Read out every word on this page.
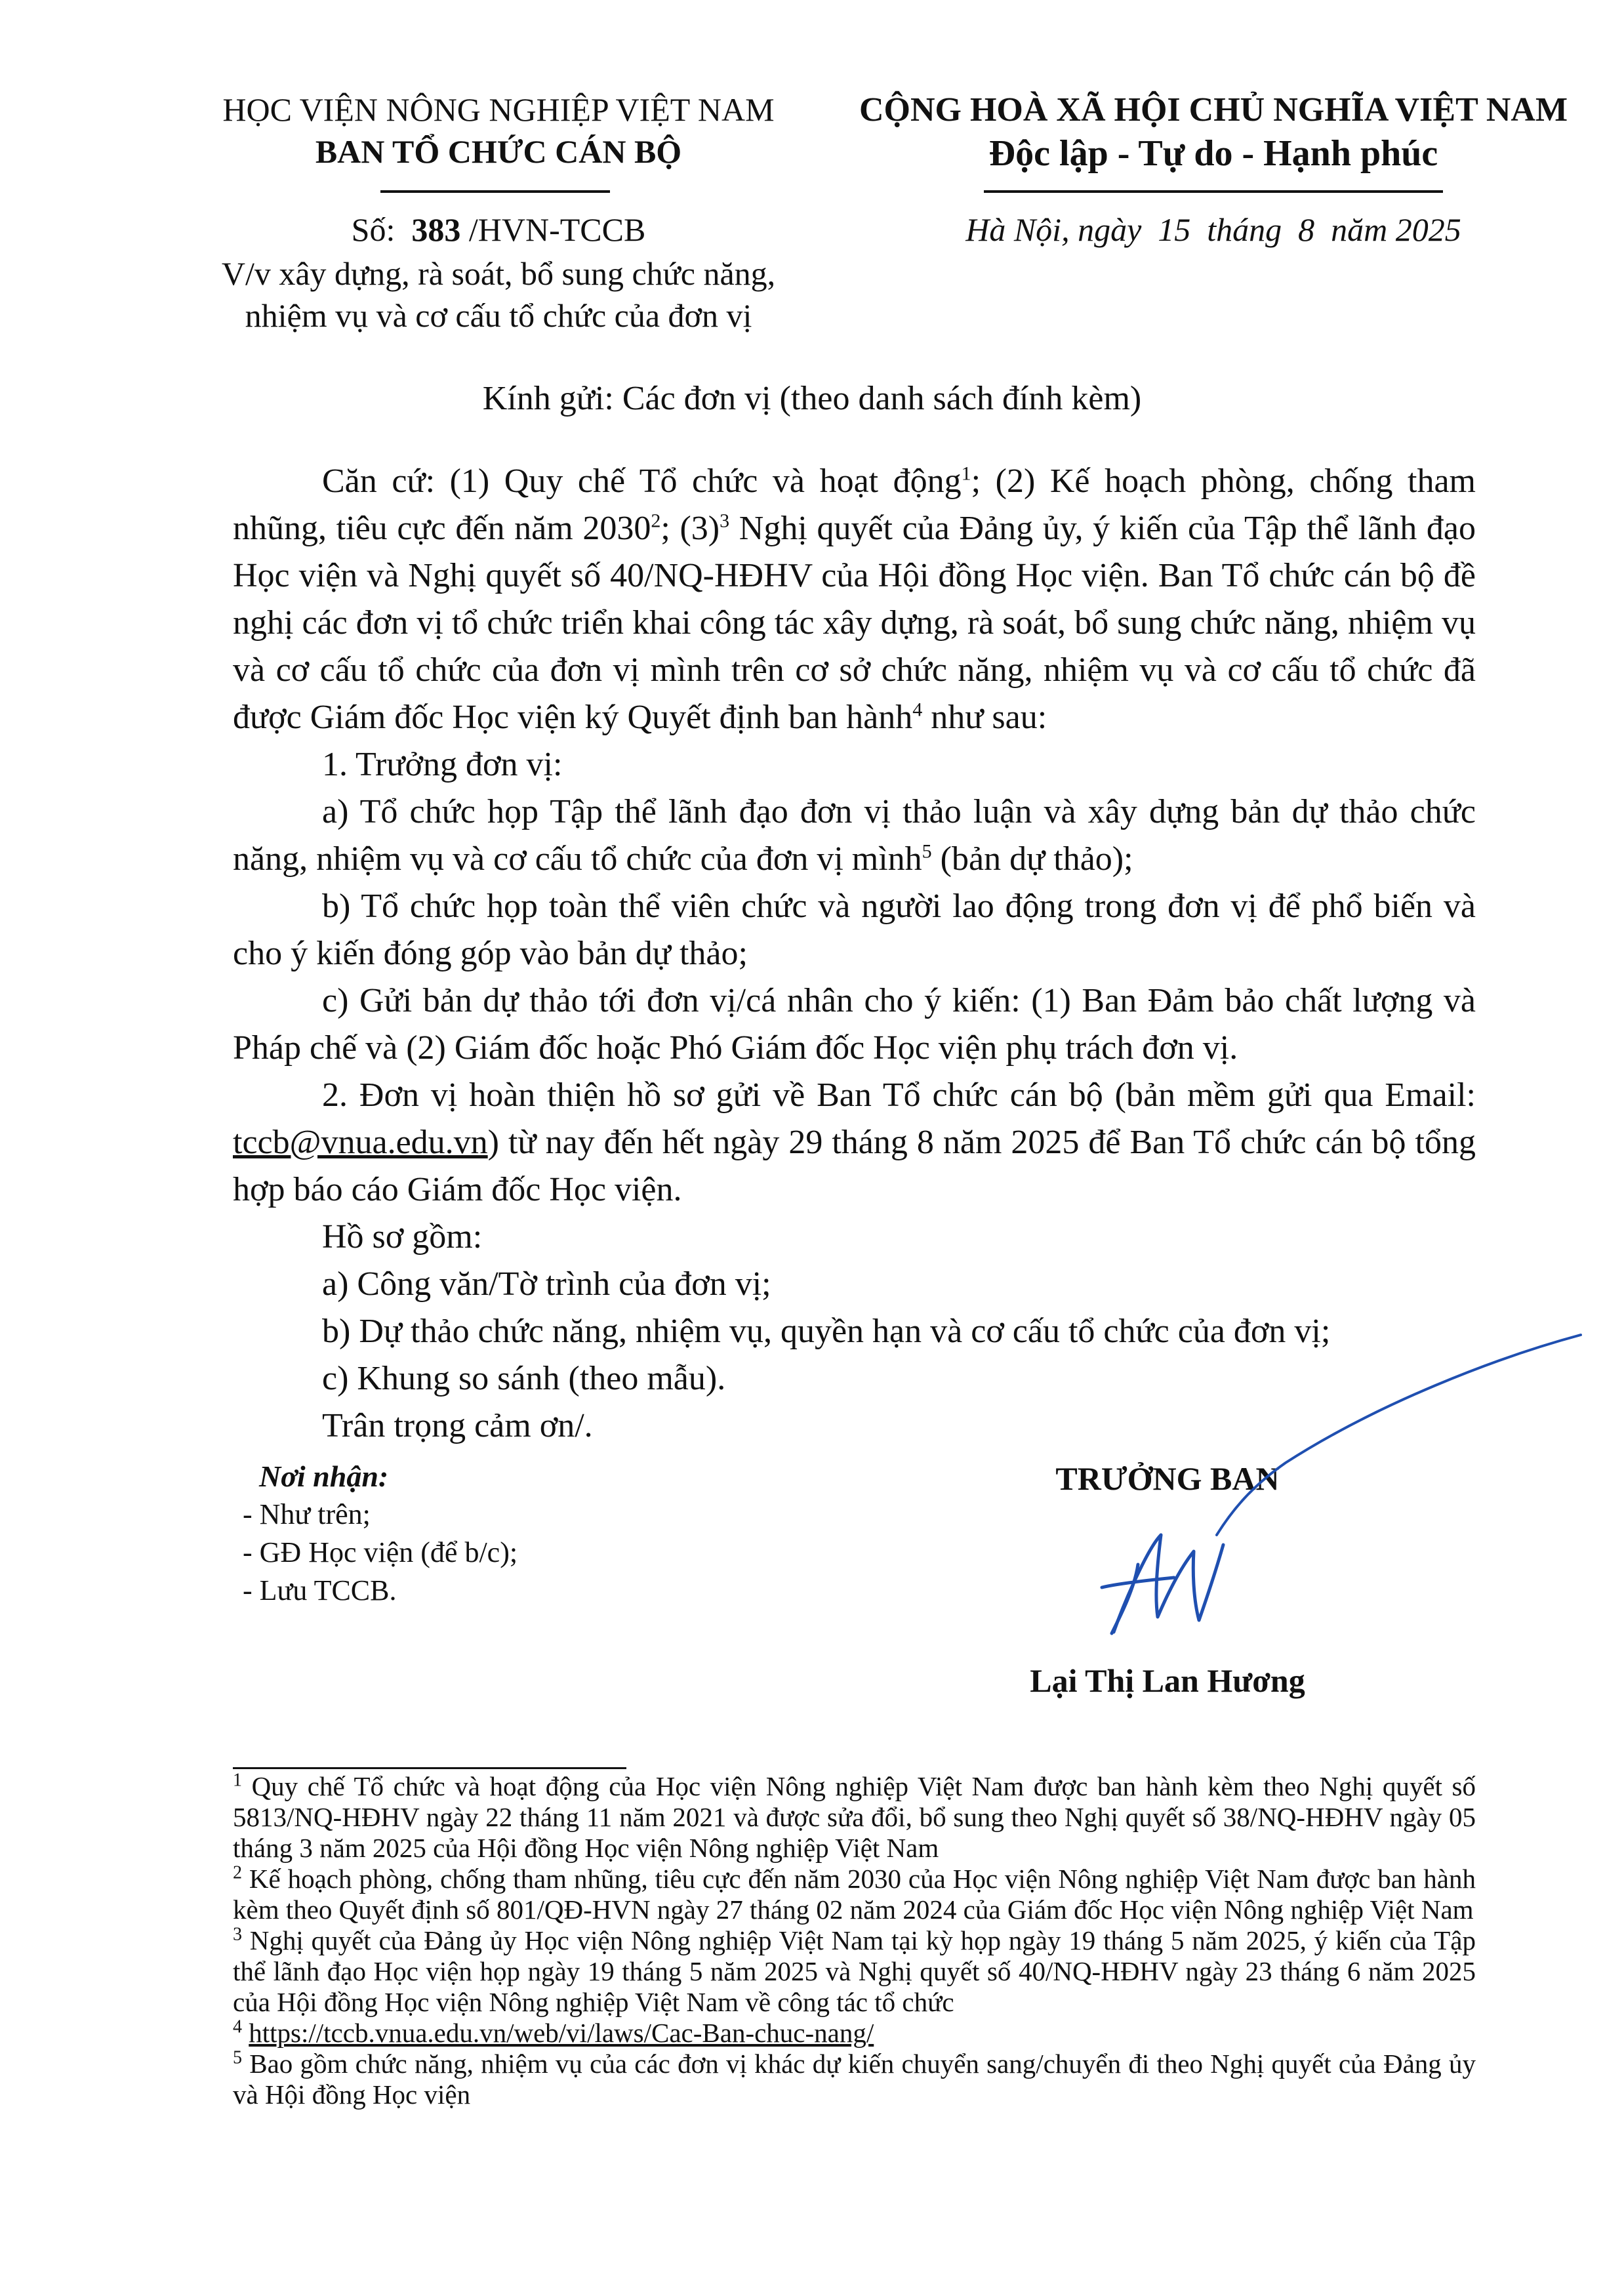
HỌC VIỆN NÔNG NGHIỆP VIỆT NAM
BAN TỔ CHỨC CÁN BỘ
CỘNG HOÀ XÃ HỘI CHỦ NGHĨA VIỆT NAM
Độc lập - Tự do - Hạnh phúc
Số: 383 /HVN-TCCB
V/v xây dựng, rà soát, bổ sung chức năng,
nhiệm vụ và cơ cấu tổ chức của đơn vị
Hà Nội, ngày  15  tháng  8  năm 2025
Kính gửi: Các đơn vị (theo danh sách đính kèm)

Căn cứ: (1) Quy chế Tổ chức và hoạt động$^1$; (2) Kế hoạch phòng, chống tham nhũng, tiêu cực đến năm 2030$^2$; $(3)^3$ Nghị quyết của Đảng ủy, ý kiến của Tập thể lãnh đạo Học viện và Nghị quyết số 40/NQ-HĐHV của Hội đồng Học viện. Ban Tổ chức cán bộ đề nghị các đơn vị tổ chức triển khai công tác xây dựng, rà soát, bổ sung chức năng, nhiệm vụ và cơ cấu tổ chức của đơn vị mình trên cơ sở chức năng, nhiệm vụ và cơ cấu tổ chức đã được Giám đốc Học viện ký Quyết định ban hành$^4$ như sau:

1. Trưởng đơn vị:

a) Tổ chức họp Tập thể lãnh đạo đơn vị thảo luận và xây dựng bản dự thảo chức năng, nhiệm vụ và cơ cấu tổ chức của đơn vị mình$^5$ (bản dự thảo);

b) Tổ chức họp toàn thể viên chức và người lao động trong đơn vị để phổ biến và cho ý kiến đóng góp vào bản dự thảo;

c) Gửi bản dự thảo tới đơn vị/cá nhân cho ý kiến: (1) Ban Đảm bảo chất lượng và Pháp chế và (2) Giám đốc hoặc Phó Giám đốc Học viện phụ trách đơn vị.

2. Đơn vị hoàn thiện hồ sơ gửi về Ban Tổ chức cán bộ (bản mềm gửi qua Email: tccb@vnua.edu.vn) từ nay đến hết ngày 29 tháng 8 năm 2025 để Ban Tổ chức cán bộ tổng hợp báo cáo Giám đốc Học viện.

Hồ sơ gồm:

a) Công văn/Tờ trình của đơn vị;

b) Dự thảo chức năng, nhiệm vụ, quyền hạn và cơ cấu tổ chức của đơn vị;

c) Khung so sánh (theo mẫu).

Trân trọng cảm ơn/.

Nơi nhận:
- Như trên;
- GĐ Học viện (để b/c);
- Lưu TCCB.
TRƯỞNG BAN
Lại Thị Lan Hương

$^1$ Quy chế Tổ chức và hoạt động của Học viện Nông nghiệp Việt Nam được ban hành kèm theo Nghị quyết số 5813/NQ-HĐHV ngày 22 tháng 11 năm 2021 và được sửa đổi, bổ sung theo Nghị quyết số 38/NQ-HĐHV ngày 05 tháng 3 năm 2025 của Hội đồng Học viện Nông nghiệp Việt Nam

$^2$ Kế hoạch phòng, chống tham nhũng, tiêu cực đến năm 2030 của Học viện Nông nghiệp Việt Nam được ban hành kèm theo Quyết định số 801/QĐ-HVN ngày 27 tháng 02 năm 2024 của Giám đốc Học viện Nông nghiệp Việt Nam

$^3$ Nghị quyết của Đảng ủy Học viện Nông nghiệp Việt Nam tại kỳ họp ngày 19 tháng 5 năm 2025, ý kiến của Tập thể lãnh đạo Học viện họp ngày 19 tháng 5 năm 2025 và Nghị quyết số 40/NQ-HĐHV ngày 23 tháng 6 năm 2025 của Hội đồng Học viện Nông nghiệp Việt Nam về công tác tổ chức

$^4$ https://tccb.vnua.edu.vn/web/vi/laws/Cac-Ban-chuc-nang/

$^5$ Bao gồm chức năng, nhiệm vụ của các đơn vị khác dự kiến chuyển sang/chuyển đi theo Nghị quyết của Đảng ủy và Hội đồng Học viện
